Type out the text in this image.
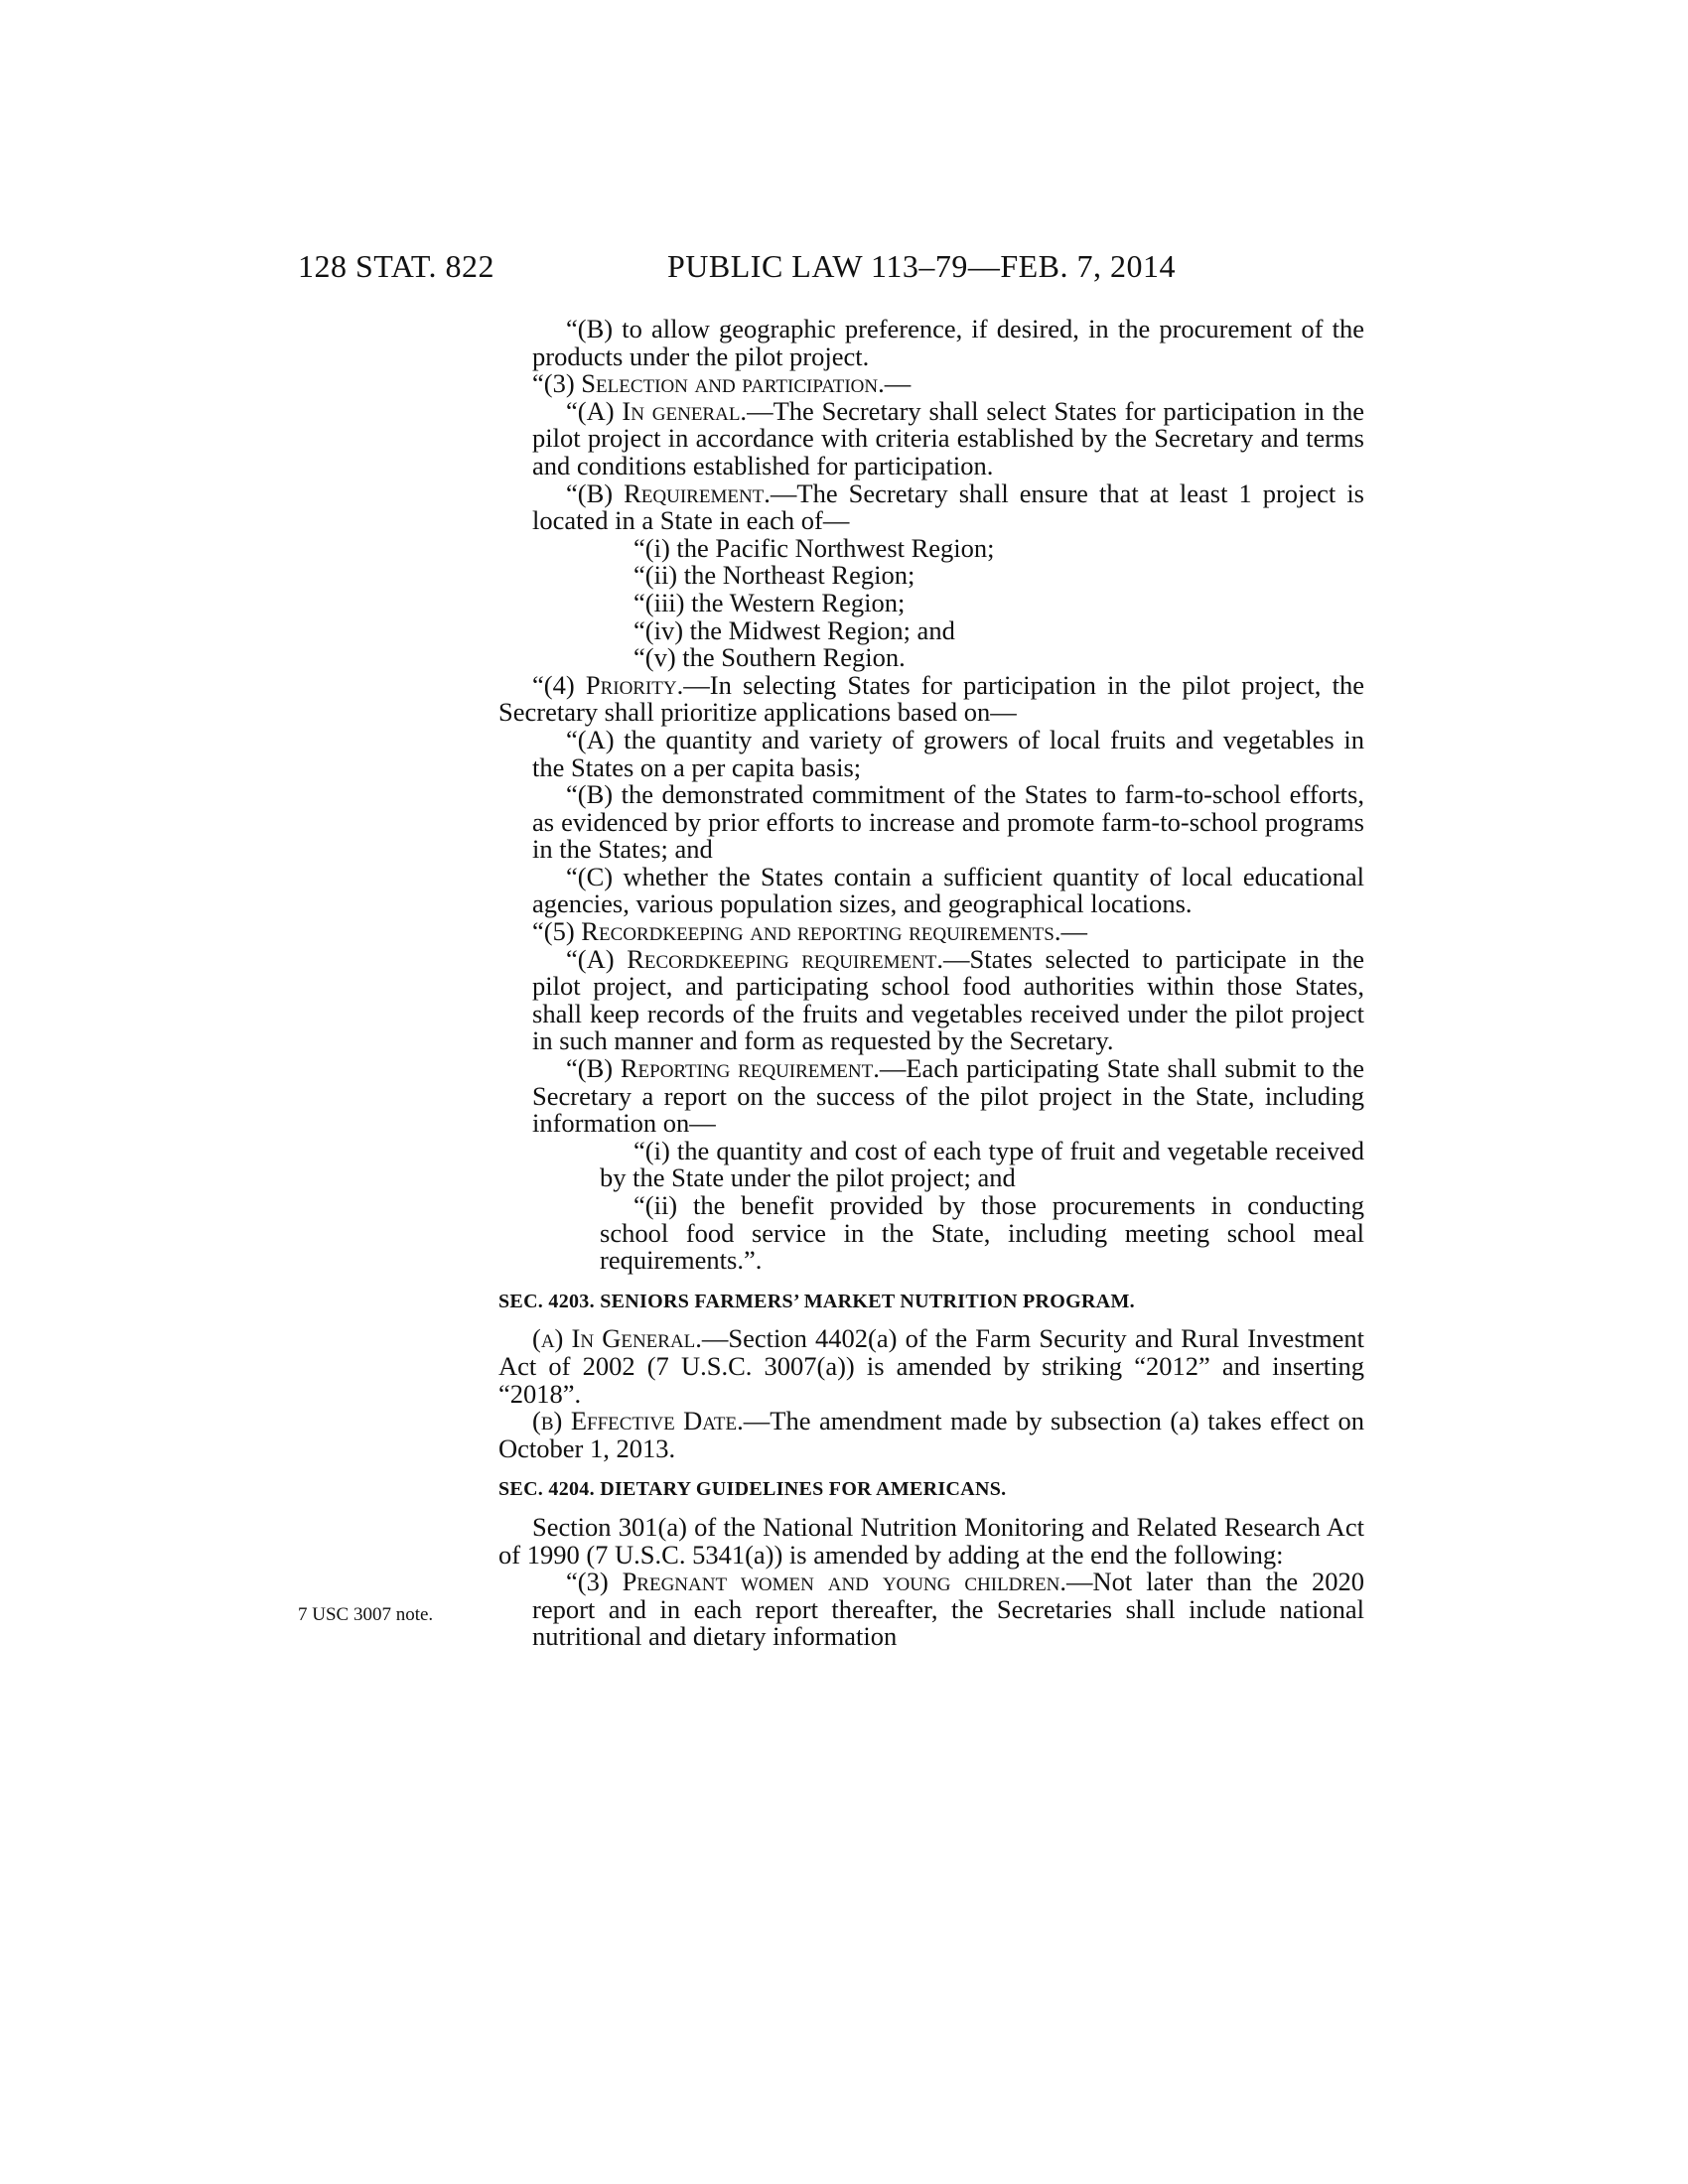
128 STAT. 822	PUBLIC LAW 113–79—FEB. 7, 2014
7 USC 3007 note.

“(B) to allow geographic preference, if desired, in the procurement of the products under the pilot project.

“(3) Selection and participation.—

“(A) In general.—The Secretary shall select States for participation in the pilot project in accordance with criteria established by the Secretary and terms and conditions established for participation.

“(B) Requirement.—The Secretary shall ensure that at least 1 project is located in a State in each of—

“(i) the Pacific Northwest Region;

“(ii) the Northeast Region;

“(iii) the Western Region;

“(iv) the Midwest Region; and

“(v) the Southern Region.

“(4) Priority.—In selecting States for participation in the pilot project, the Secretary shall prioritize applications based on—

“(A) the quantity and variety of growers of local fruits and vegetables in the States on a per capita basis;

“(B) the demonstrated commitment of the States to farm-to-school efforts, as evidenced by prior efforts to increase and promote farm-to-school programs in the States; and

“(C) whether the States contain a sufficient quantity of local educational agencies, various population sizes, and geographical locations.

“(5) Recordkeeping and reporting requirements.—

“(A) Recordkeeping requirement.—States selected to participate in the pilot project, and participating school food authorities within those States, shall keep records of the fruits and vegetables received under the pilot project in such manner and form as requested by the Secretary.

“(B) Reporting requirement.—Each participating State shall submit to the Secretary a report on the success of the pilot project in the State, including information on—

“(i) the quantity and cost of each type of fruit and vegetable received by the State under the pilot project; and

“(ii) the benefit provided by those procurements in conducting school food service in the State, including meeting school meal requirements.”.

SEC. 4203. SENIORS FARMERS’ MARKET NUTRITION PROGRAM.

(a) In General.—Section 4402(a) of the Farm Security and Rural Investment Act of 2002 (7 U.S.C. 3007(a)) is amended by striking “2012” and inserting “2018”.

(b) Effective Date.—The amendment made by subsection (a) takes effect on October 1, 2013.

SEC. 4204. DIETARY GUIDELINES FOR AMERICANS.

Section 301(a) of the National Nutrition Monitoring and Related Research Act of 1990 (7 U.S.C. 5341(a)) is amended by adding at the end the following:

“(3) Pregnant women and young children.—Not later than the 2020 report and in each report thereafter, the Secretaries shall include national nutritional and dietary information
